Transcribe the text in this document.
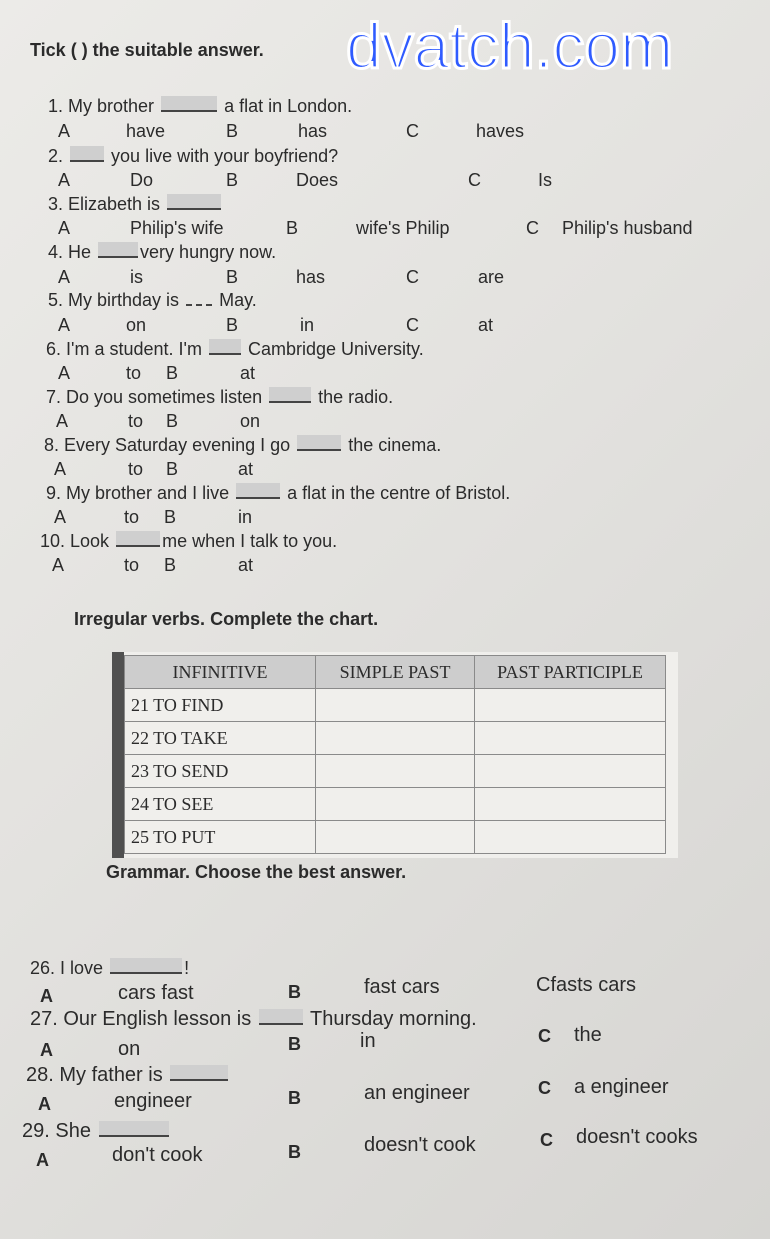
dvatch.com
Tick ( ) the suitable answer.
1. My brother	a flat in London.
A	have	B	has	C	haves
2.	you live with your boyfriend?
A	Do	B	Does	C	Is
3. Elizabeth is
A	Philip's wife	B	wife's Philip	C Philip's husband
4. He	very hungry now.
A	is	B	has	C	are
5. My birthday is May.
A	on	B	in	C	at
6. I'm a student. I'm	Cambridge University.
A	to B	at
7. Do you sometimes listen	the radio.
A	to B	on
8. Every Saturday evening I go	the cinema.
A	to B	at
9. My brother and I live	a flat in the centre of Bristol.
A	to B	in
10. Look	me when I talk to you.
A	to B	at
Irregular verbs. Complete the chart.
INFINITIVE	SIMPLE PAST	PAST PARTICIPLE
21 TO FIND		
22 TO TAKE		
23 TO SEND		
24 TO SEE		
25 TO PUT		
Grammar. Choose the best answer.
26. I love	!
A	cars fast	B	fast cars	Cfasts cars
27. Our English lesson is	Thursday morning.
A	on	B	in	C the
28. My father is
A	engineer	B	an engineer	C a engineer
29. She
A	don't cook	B	doesn't cook	C doesn't cooks
